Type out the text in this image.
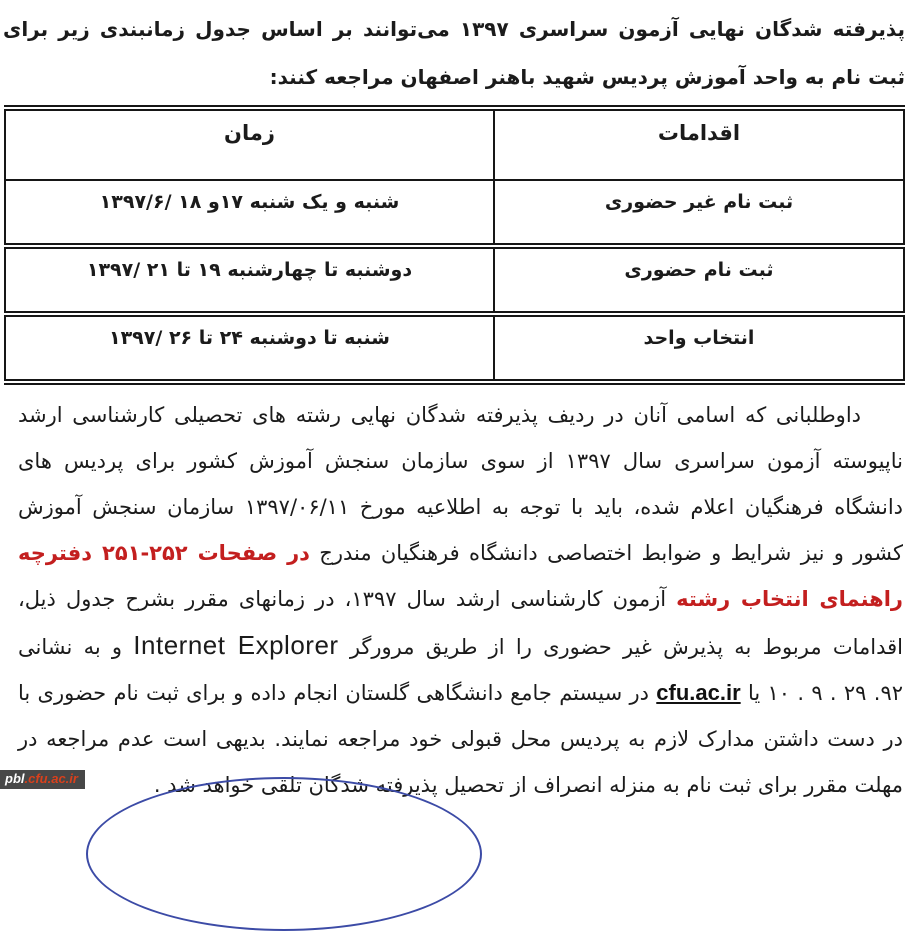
پذیرفته شدگان نهایی آزمون سراسری ۱۳۹۷ می‌توانند بر اساس جدول زمانبندی زیر برای ثبت نام به واحد آموزش پردیس شهید باهنر اصفهان مراجعه کنند:

اقدامات	زمان
ثبت نام غیر حضوری	شنبه و یک شنبه ۱۷و ۱۸ /۱۳۹۷/۶
ثبت نام حضوری	دوشنبه تا چهارشنبه ۱۹ تا ۲۱ /۱۳۹۷
انتخاب واحد	شنبه تا دوشنبه ۲۴ تا ۲۶ /۱۳۹۷

داوطلبانی که اسامی آنان در ردیف پذیرفته شدگان نهایی رشته های تحصیلی کارشناسی ارشد ناپیوسته آزمون سراسری سال ۱۳۹۷ از سوی سازمان سنجش آموزش کشور برای پردیس های دانشگاه فرهنگیان اعلام شده، باید با توجه به اطلاعیه مورخ ۱۳۹۷/۰۶/۱۱ سازمان سنجش آموزش کشور و نیز شرایط و ضوابط اختصاصی دانشگاه فرهنگیان مندرج در صفحات ۲۵۲-۲۵۱ دفترچه راهنمای انتخاب رشته آزمون کارشناسی ارشد سال ۱۳۹۷، در زمانهای مقرر بشرح جدول ذیل، اقدامات مربوط به پذیرش غیر حضوری را از طریق مرورگر Internet Explorer و به نشانی ۹۲. ۲۹ . ۹ . ۱۰ یا cfu.ac.ir در سیستم جامع دانشگاهی گلستان انجام داده و برای ثبت نام حضوری با در دست داشتن مدارک لازم به پردیس محل قبولی خود مراجعه نمایند. بدیهی است عدم مراجعه در مهلت مقرر برای ثبت نام به منزله انصراف از تحصیل پذیرفته شدگان تلقی خواهد شد .

pbl.cfu.ac.ir
